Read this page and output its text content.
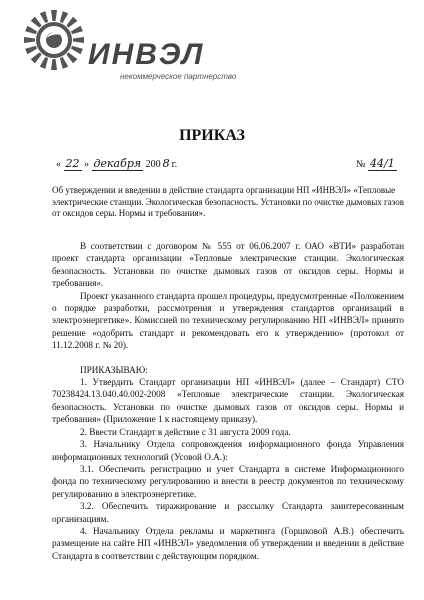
ИНВЭЛ
некоммерческое партнерство
ПРИКАЗ
« 22 » декабря 200 8 г.	№ 44/1
Об утверждении и введении в действие стандарта организации НП «ИНВЭЛ» «Тепловые электрические станции. Экологическая безопасность. Установки по очистке дымовых газов от оксидов серы. Нормы и требования».

В соответствии с договором № 555 от 06.06.2007 г. ОАО «ВТИ» разработан проект стандарта организации «Тепловые электрические станции. Экологическая безопасность. Установки по очистке дымовых газов от оксидов серы. Нормы и требования».

Проект указанного стандарта прошел процедуры, предусмотренные «Положением о порядке разработки, рассмотрения и утверждения стандартов организаций в электроэнергетике». Комиссией по техническому регулированию НП «ИНВЭЛ» принято решение «одобрить стандарт и рекомендовать его к утверждению» (протокол от 11.12.2008 г. № 20).

ПРИКАЗЫВАЮ:

1. Утвердить Стандарт организации НП «ИНВЭЛ» (далее – Стандарт) СТО 70238424.13.040.40.002-2008 «Тепловые электрические станции. Экологическая безопасность. Установки по очистке дымовых газов от оксидов серы. Нормы и требования» (Приложение 1 к настоящему приказу).

2. Ввести Стандарт в действие с 31 августа 2009 года.

3. Начальнику Отдела сопровождения информационного фонда Управления информационных технологий (Усовой О.А.):

3.1. Обеспечить регистрацию и учет Стандарта в системе Информационного фонда по техническому регулированию и внести в реестр документов по техническому регулированию в электроэнергетике.

3.2. Обеспечить тиражирование и рассылку Стандарта заинтересованным организациям.

4. Начальнику Отдела рекламы и маркетинга (Горшковой А.В.) обеспечить размещение на сайте НП «ИНВЭЛ» уведомления об утверждении и введении в действие Стандарта в соответствии с действующим порядком.
